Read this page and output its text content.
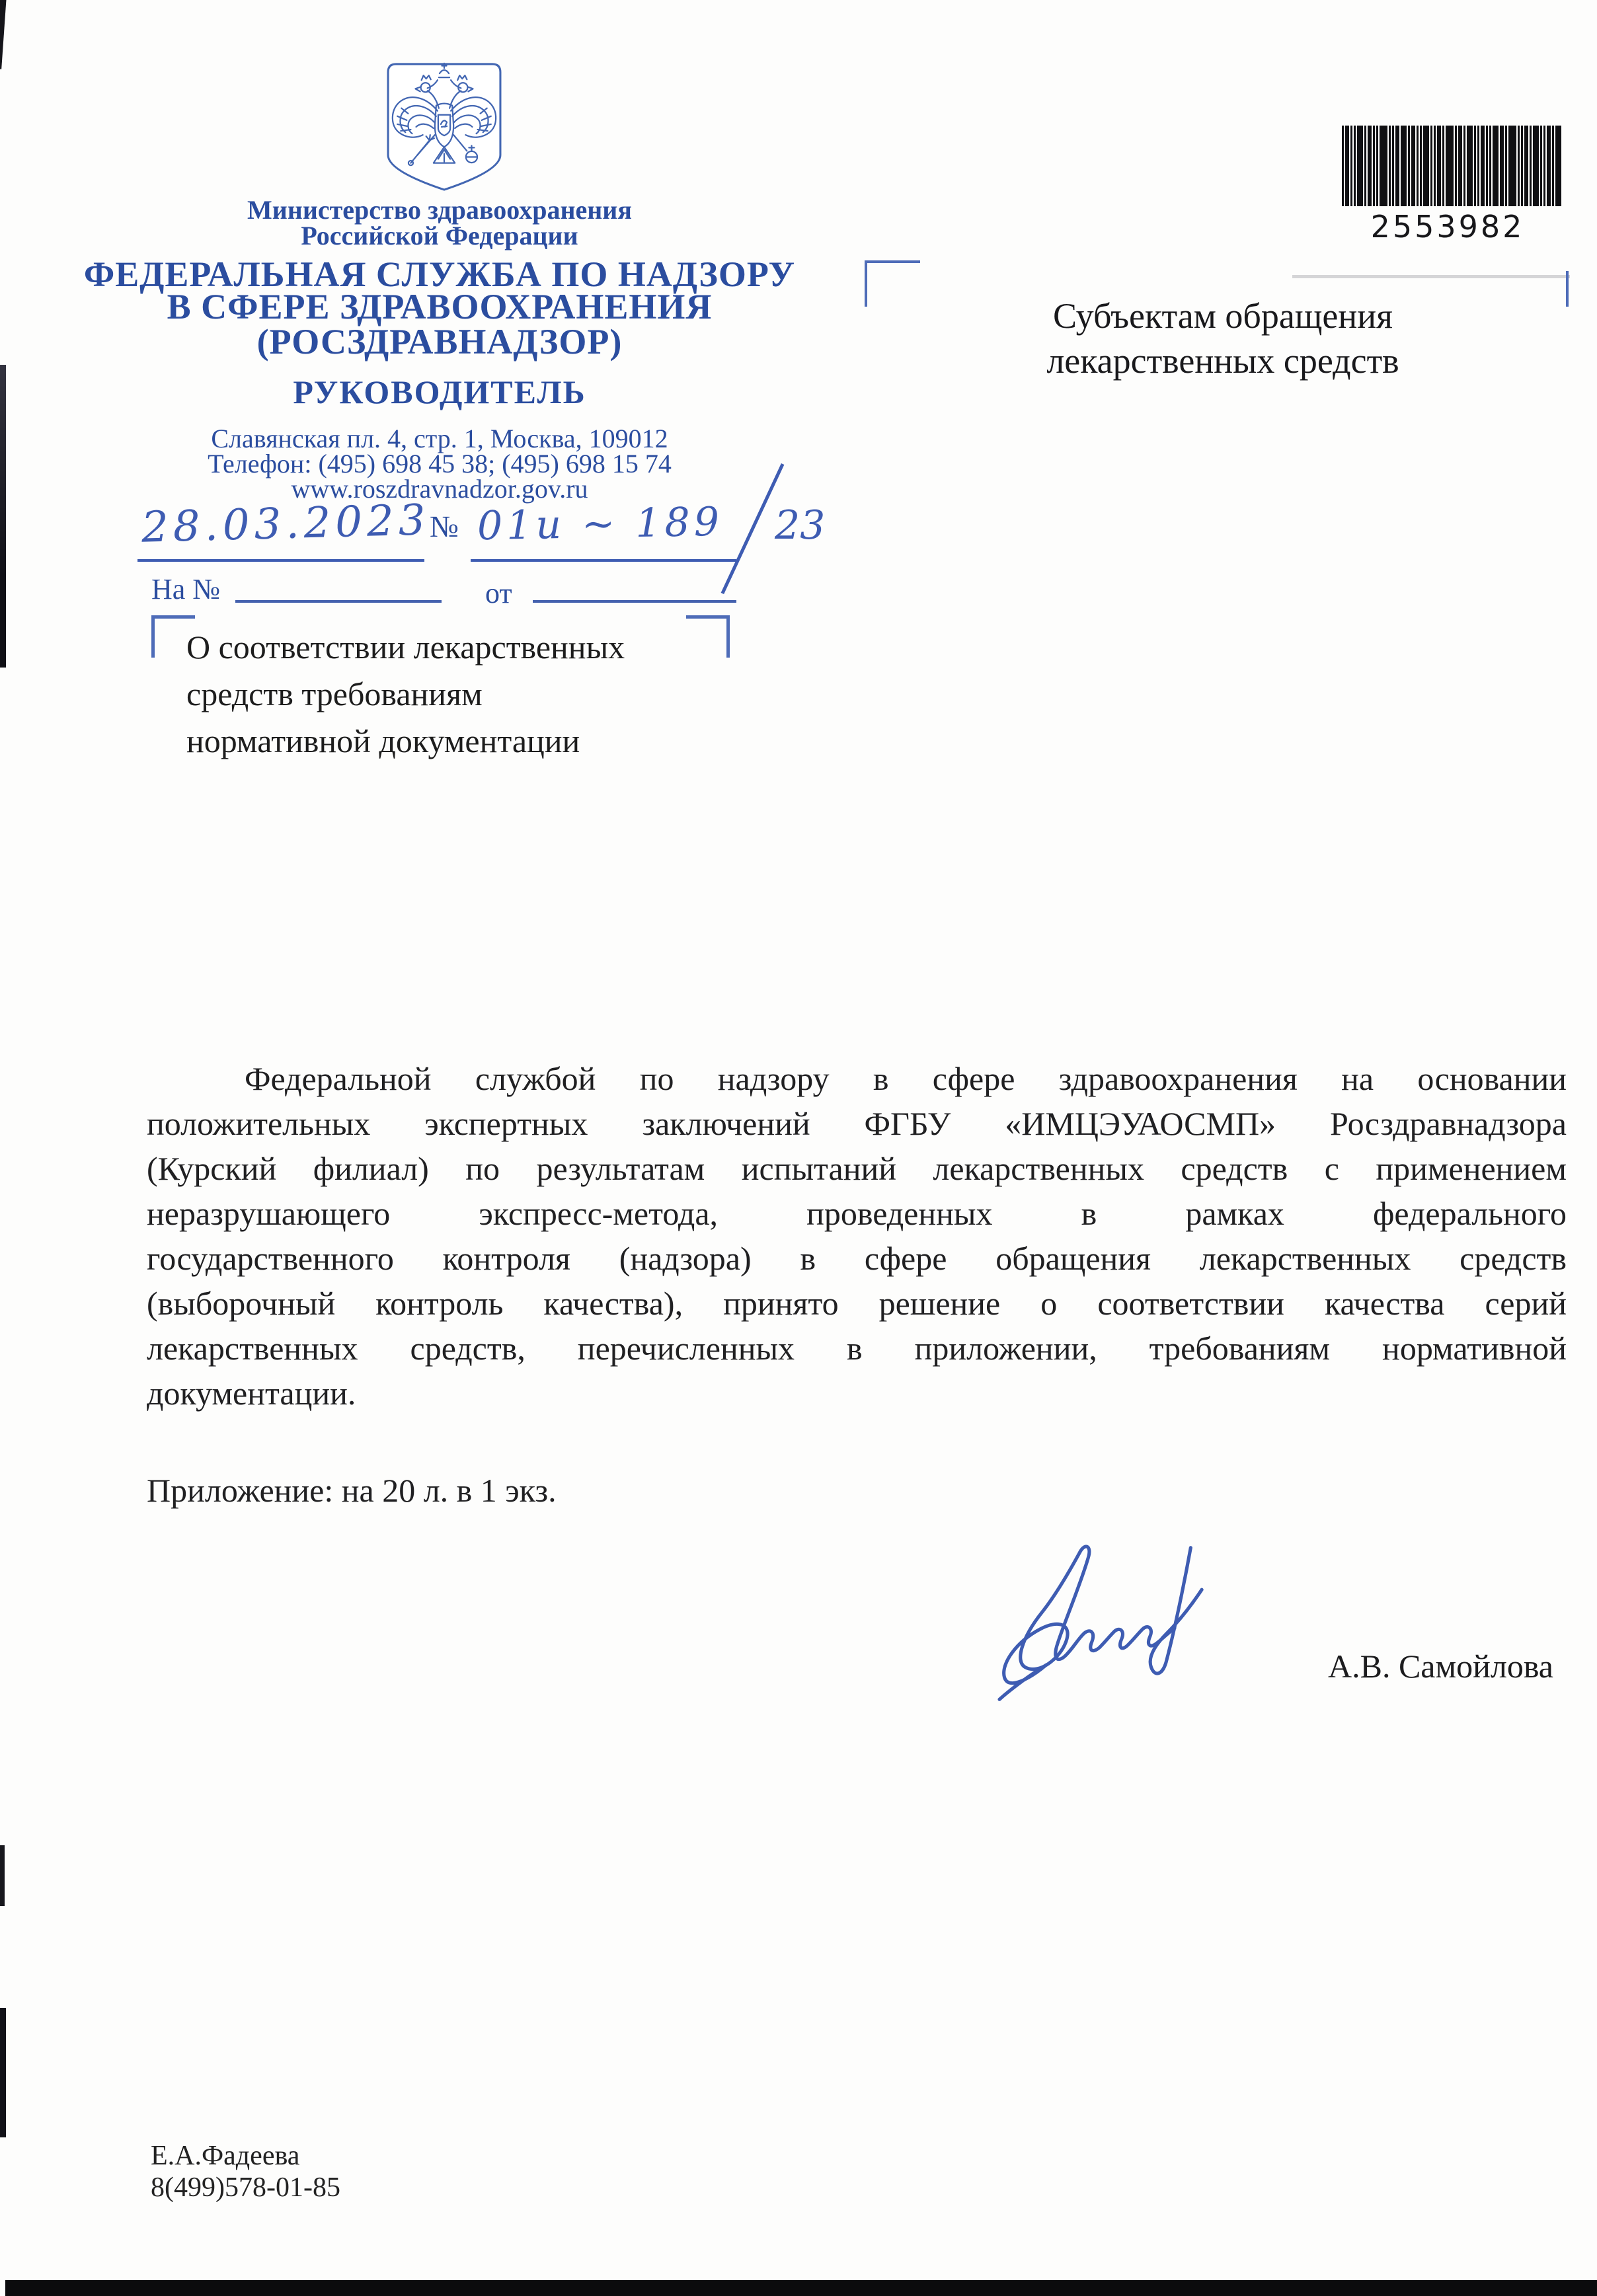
Министерство здравоохранения
Российской Федерации
ФЕДЕРАЛЬНАЯ СЛУЖБА ПО НАДЗОРУ
В СФЕРЕ ЗДРАВООХРАНЕНИЯ
(РОСЗДРАВНАДЗОР)
РУКОВОДИТЕЛЬ
Славянская пл. 4, стр. 1, Москва, 109012
Телефон: (495) 698 45 38; (495) 698 15 74
www.roszdravnadzor.gov.ru
2553982
Субъектам обращения
лекарственных средств
28.03.2023
№ 01и ~ 189 23
На №	от
О соответствии лекарственных
средств требованиям
нормативной документации
Федеральной службой по надзору в сфере здравоохранения на основании
положительных экспертных заключений ФГБУ «ИМЦЭУАОСМП» Росздравнадзора
(Курский филиал) по результатам испытаний лекарственных средств с применением
неразрушающего экспресс-метода, проведенных в рамках федерального
государственного контроля (надзора) в сфере обращения лекарственных средств
(выборочный контроль качества), принято решение о соответствии качества серий
лекарственных средств, перечисленных в приложении, требованиям нормативной
документации.
Приложение: на 20 л. в 1 экз.
А.В. Самойлова
Е.А.Фадеева
8(499)578-01-85
